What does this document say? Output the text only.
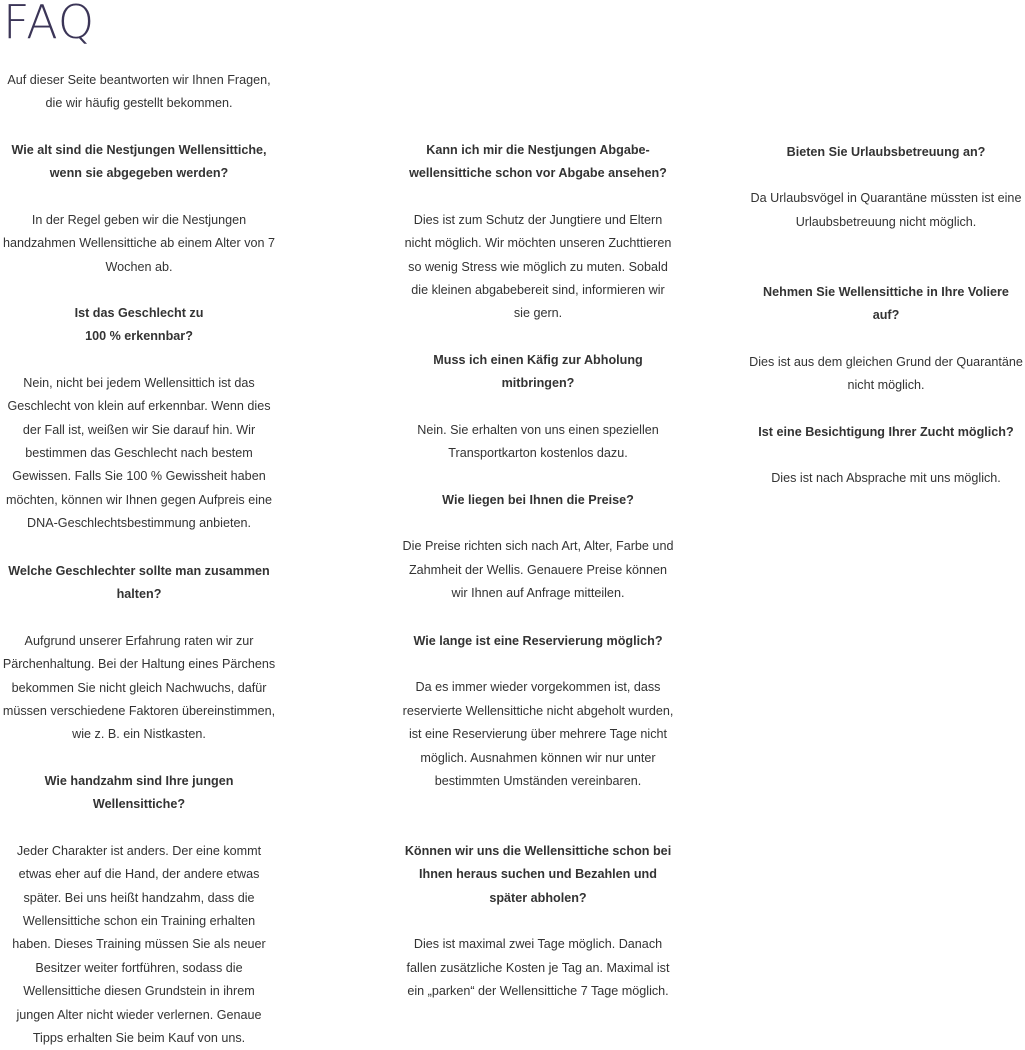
FAQ

Auf dieser Seite beantworten wir Ihnen Fragen,
die wir häufig gestellt bekommen.

Wie alt sind die Nestjungen Wellensittiche,
wenn sie abgegeben werden?

In der Regel geben wir die Nestjungen
handzahmen Wellensittiche ab einem Alter von 7
Wochen ab.

Ist das Geschlecht zu
100 % erkennbar?

Nein, nicht bei jedem Wellensittich ist das
Geschlecht von klein auf erkennbar. Wenn dies
der Fall ist, weißen wir Sie darauf hin. Wir
bestimmen das Geschlecht nach bestem
Gewissen. Falls Sie 100 % Gewissheit haben
möchten, können wir Ihnen gegen Aufpreis eine
DNA-Geschlechtsbestimmung anbieten.

Welche Geschlechter sollte man zusammen
halten?

Aufgrund unserer Erfahrung raten wir zur
Pärchenhaltung. Bei der Haltung eines Pärchens
bekommen Sie nicht gleich Nachwuchs, dafür
müssen verschiedene Faktoren übereinstimmen,
wie z. B. ein Nistkasten.

Wie handzahm sind Ihre jungen
Wellensittiche?

Jeder Charakter ist anders. Der eine kommt
etwas eher auf die Hand, der andere etwas
später. Bei uns heißt handzahm, dass die
Wellensittiche schon ein Training erhalten
haben. Dieses Training müssen Sie als neuer
Besitzer weiter fortführen, sodass die
Wellensittiche diesen Grundstein in ihrem
jungen Alter nicht wieder verlernen. Genaue
Tipps erhalten Sie beim Kauf von uns.

Kann ich mir die Nestjungen Abgabe-
wellensittiche schon vor Abgabe ansehen?

Dies ist zum Schutz der Jungtiere und Eltern
nicht möglich. Wir möchten unseren Zuchttieren
so wenig Stress wie möglich zu muten. Sobald
die kleinen abgabebereit sind, informieren wir
sie gern.

Muss ich einen Käfig zur Abholung
mitbringen?

Nein. Sie erhalten von uns einen speziellen
Transportkarton kostenlos dazu.

Wie liegen bei Ihnen die Preise?

Die Preise richten sich nach Art, Alter, Farbe und
Zahmheit der Wellis. Genauere Preise können
wir Ihnen auf Anfrage mitteilen.

Wie lange ist eine Reservierung möglich?

Da es immer wieder vorgekommen ist, dass
reservierte Wellensittiche nicht abgeholt wurden,
ist eine Reservierung über mehrere Tage nicht
möglich. Ausnahmen können wir nur unter
bestimmten Umständen vereinbaren.

Können wir uns die Wellensittiche schon bei
Ihnen heraus suchen und Bezahlen und
später abholen?

Dies ist maximal zwei Tage möglich. Danach
fallen zusätzliche Kosten je Tag an. Maximal ist
ein „parken“ der Wellensittiche 7 Tage möglich.

Bieten Sie Urlaubsbetreuung an?

Da Urlaubsvögel in Quarantäne müssten ist eine
Urlaubsbetreuung nicht möglich.

Nehmen Sie Wellensittiche in Ihre Voliere
auf?

Dies ist aus dem gleichen Grund der Quarantäne
nicht möglich.

Ist eine Besichtigung Ihrer Zucht möglich?

Dies ist nach Absprache mit uns möglich.
